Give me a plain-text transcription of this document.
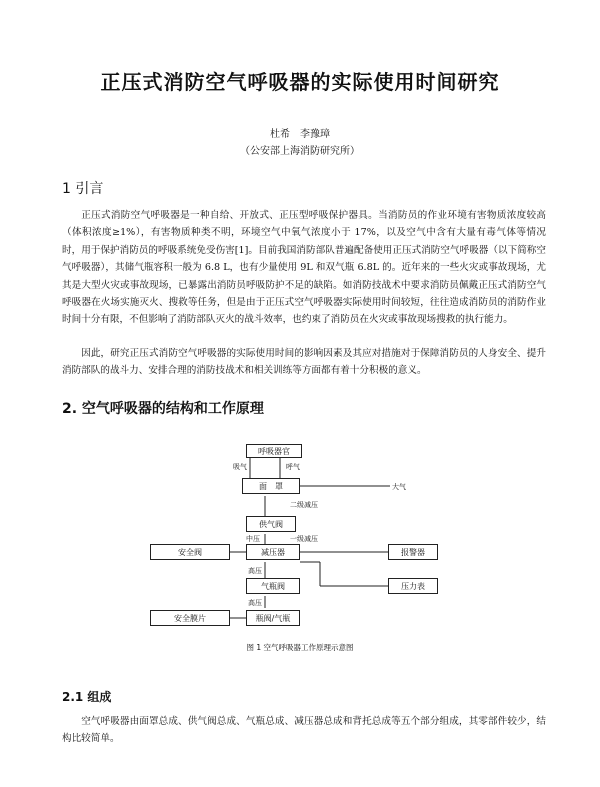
正压式消防空气呼吸器的实际使用时间研究
杜希　李豫璋
（公安部上海消防研究所）
1 引言

正压式消防空气呼吸器是一种自给、开放式、正压型呼吸保护器具。当消防员的作业环境有害物质浓度较高（体积浓度≥1%），有害物质种类不明，环境空气中氧气浓度小于 17%，以及空气中含有大量有毒气体等情况时，用于保护消防员的呼吸系统免受伤害[1]。目前我国消防部队普遍配备使用正压式消防空气呼吸器（以下简称空气呼吸器），其储气瓶容积一般为 6.8 L，也有少量使用 9L 和双气瓶 6.8L 的。近年来的一些火灾或事故现场，尤其是大型火灾或事故现场，已暴露出消防员呼吸防护不足的缺陷。如消防技战术中要求消防员佩戴正压式消防空气呼吸器在火场实施灭火、搜救等任务，但是由于正压式空气呼吸器实际使用时间较短，往往造成消防员的消防作业时间十分有限，不但影响了消防部队灭火的战斗效率，也约束了消防员在火灾或事故现场搜救的执行能力。

因此，研究正压式消防空气呼吸器的实际使用时间的影响因素及其应对措施对于保障消防员的人身安全、提升消防部队的战斗力、安排合理的消防技战术和相关训练等方面都有着十分积极的意义。

2. 空气呼吸器的结构和工作原理
呼吸器官
吸气	呼气
面　罩	大气
二级减压
供气阀
中压	一级减压
安全阀	减压器	报警器
高压
气瓶阀	压力表
高压
安全膜片	瓶阀/气瓶
图 1 空气呼吸器工作原理示意图
2.1 组成

空气呼吸器由面罩总成、供气阀总成、气瓶总成、减压器总成和背托总成等五个部分组成，其零部件较少，结构比较简单。
